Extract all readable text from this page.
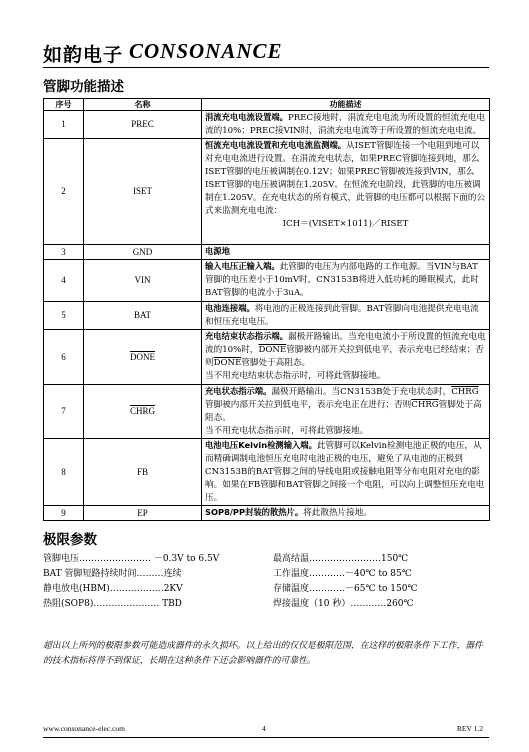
如韵电子 CONSONANCE
管脚功能描述
序号	名称	功能描述
1	PREC	涓流充电电流设置端。PREC接地时，涓流充电电流为所设置的恒流充电电流的10%；PREC接VIN时，涓流充电电流等于所设置的恒流充电电流。
2	ISET	恒流充电电流设置和充电电流监测端。从ISET管脚连接一个电阻到地可以对充电电流进行设置。在涓流充电状态，如果PREC管脚连接到地，那么ISET管脚的电压被调制在0.12V；如果PREC管脚被连接到VIN，那么ISET管脚的电压被调制在1.205V。在恒流充电阶段，此管脚的电压被调制在1.205V。在充电状态的所有模式，此管脚的电压都可以根据下面的公式来监测充电电流：
ICH＝(VISET×1011)／RISET

3	GND	电源地
4	VIN	输入电压正输入端。此管脚的电压为内部电路的工作电源。当VIN与BAT管脚的电压差小于10mV时，CN3153B将进入低功耗的睡眠模式，此时BAT管脚的电流小于3uA。
5	BAT	电池连接端。将电池的正极连接到此管脚。BAT管脚向电池提供充电电流和恒压充电电压。
6	DONE	充电结束状态指示端。漏极开路输出。当充电电流小于所设置的恒流充电电流的10%时，DONE管脚被内部开关拉到低电平，表示充电已经结束；否则DONE管脚处于高阻态。
当不用充电结束状态指示时，可将此管脚接地。
7	CHRG	充电状态指示端。漏极开路输出。当CN3153B处于充电状态时，CHRG管脚被内部开关拉到低电平，表示充电正在进行；否则CHRG管脚处于高阻态。
当不用充电状态指示时，可将此管脚接地。
8	FB	电池电压Kelvin检测输入端。此管脚可以Kelvin检测电池正极的电压，从而精确调制电池恒压充电时电池正极的电压，避免了从电池的正极到CN3153B的BAT管脚之间的导线电阻或接触电阻等分布电阻对充电的影响。如果在FB管脚和BAT管脚之间接一个电阻，可以向上调整恒压充电电压。
9	EP	SOP8/PP封装的散热片。将此散热片接地。
极限参数
管脚电压…………………… －0.3V to 6.5V
BAT 管脚短路持续时间………连续
静电放电(HBM)………………2KV
热阻(SOP8)…………………. TBD
最高结温……………………150℃
工作温度…………－40℃ to 85℃
存储温度…………－65℃ to 150℃
焊接温度（10 秒）…………260℃
超出以上所列的极限参数可能造成器件的永久损坏。以上给出的仅仅是极限范围，在这样的极限条件下工作，器件的技术指标将得不到保证，长期在这种条件下还会影响器件的可靠性。
www.consonance-elec.com	4	REV 1.2
